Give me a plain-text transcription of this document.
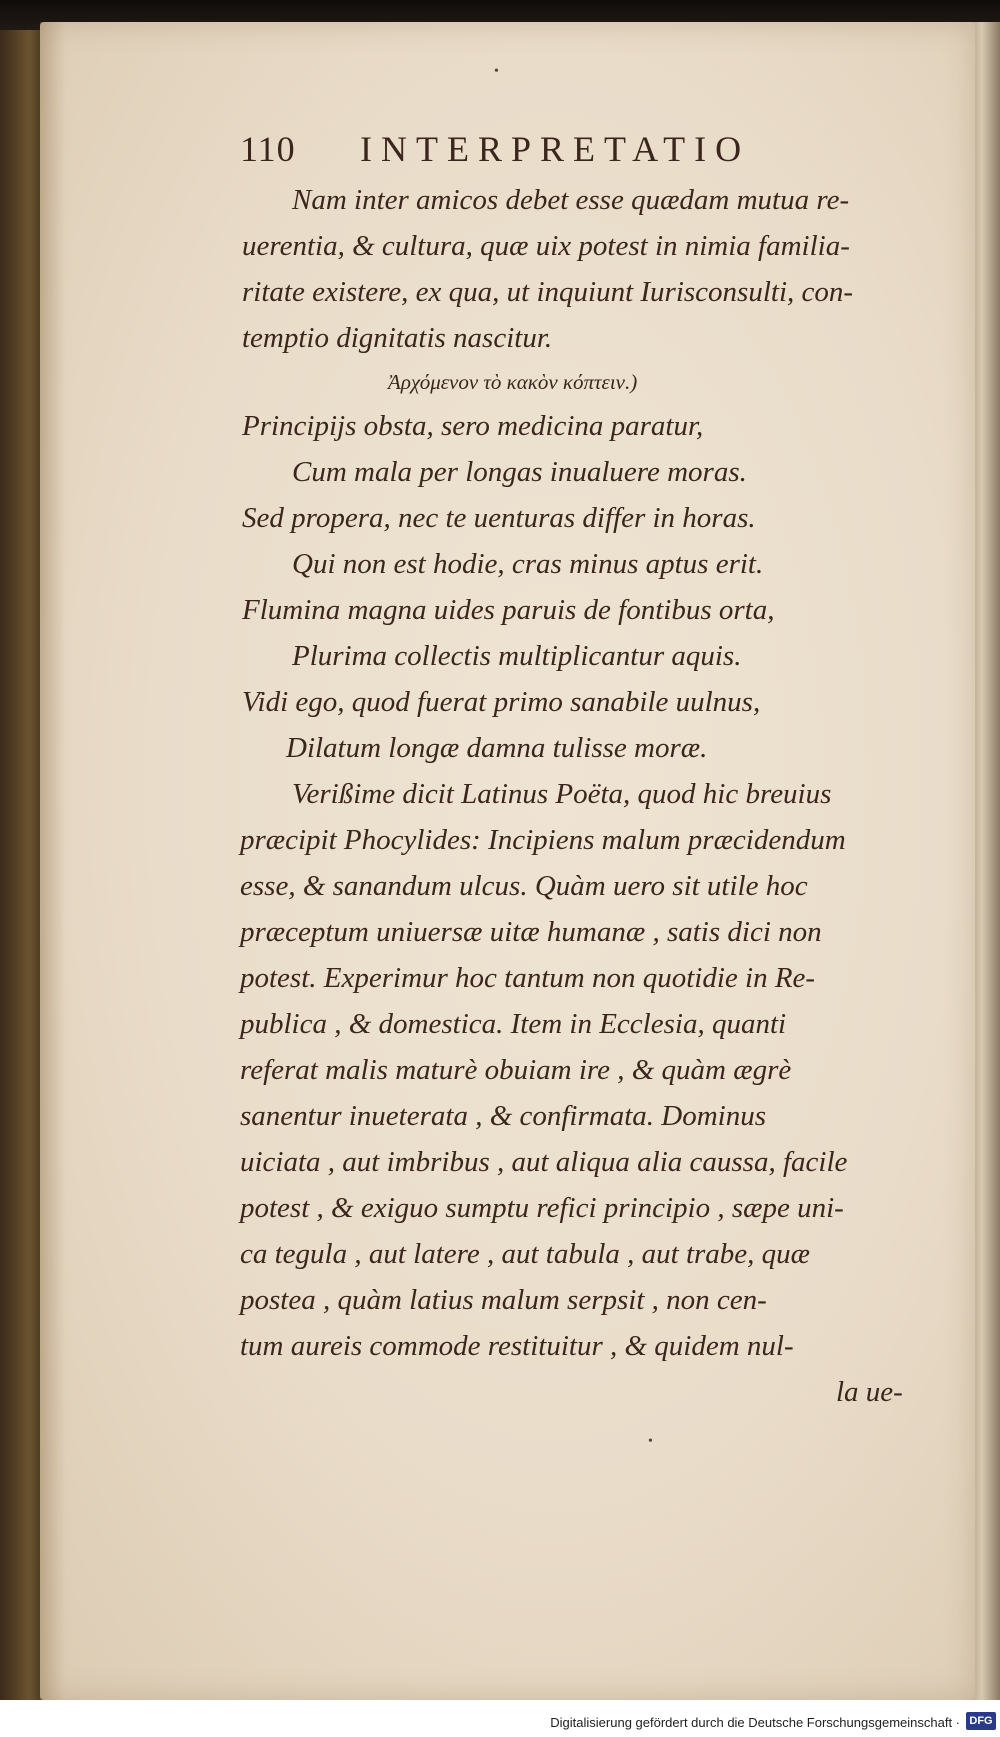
•
•
110 INTERPRETATIO
Nam inter amicos debet esse quædam mutua re-
uerentia, & cultura, quæ uix potest in nimia familia-
ritate existere, ex qua, ut inquiunt Iurisconsulti, con-
temptio dignitatis nascitur.
Ἀρχόμενον τὸ κακὸν κόπτειν.)
Principijs obsta, sero medicina paratur,
Cum mala per longas inualuere moras.
Sed propera, nec te uenturas differ in horas.
Qui non est hodie, cras minus aptus erit.
Flumina magna uides paruis de fontibus orta,
Plurima collectis multiplicantur aquis.
Vidi ego, quod fuerat primo sanabile uulnus,
Dilatum longæ damna tulisse moræ.
Verißime dicit Latinus Poëta, quod hic breuius
præcipit Phocylides: Incipiens malum præcidendum
esse, & sanandum ulcus. Quàm uero sit utile hoc
præceptum uniuersæ uitæ humanæ , satis dici non
potest. Experimur hoc tantum non quotidie in Re-
publica , & domestica. Item in Ecclesia, quanti
referat malis maturè obuiam ire , & quàm ægrè
sanentur inueterata , & confirmata. Dominus
uiciata , aut imbribus , aut aliqua alia caussa, facile
potest , & exiguo sumptu refici principio , sæpe uni-
ca tegula , aut latere , aut tabula , aut trabe, quæ
postea , quàm latius malum serpsit , non cen-
tum aureis commode restituitur , & quidem nul-
la ue-
Digitalisierung gefördert durch die Deutsche Forschungsgemeinschaft · DFG
